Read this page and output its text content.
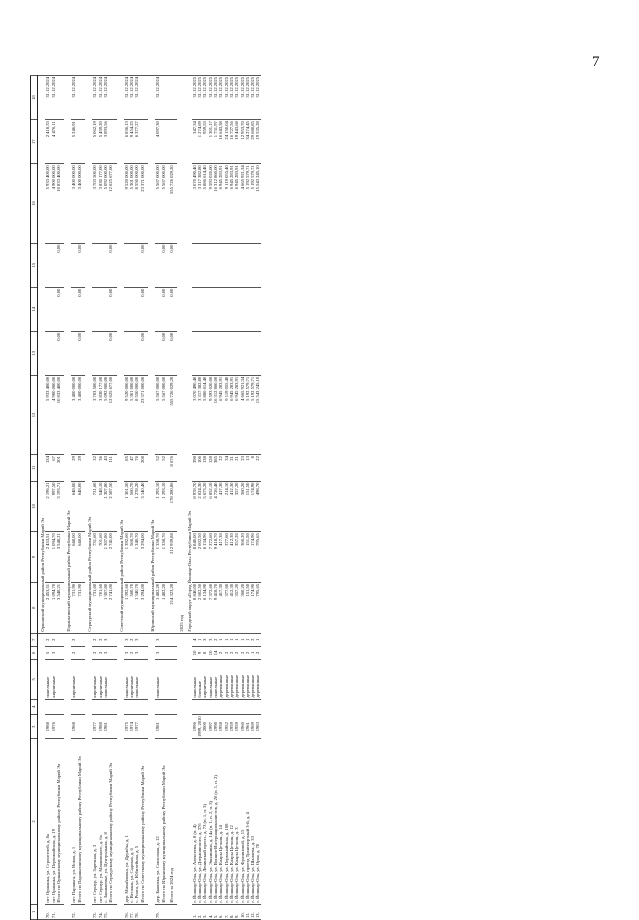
7
1	2	3	4	5	6	7	8	9	10	11	12	13	14	15	16	17	18
							Оршанский муниципальный район Республики Марий Эл										
70.	пгт Оршанка, ул. Строителей, д. 8а	1988		панельные	5	2	2 453,51	2 453,51	2 196,21	134	5 933 400,00				5 933 400,00	2 418,33	31.12.2024
71.	пгт Оршанка, ул. Первомайская, д. 19	1976		кирпичные	3	2	1 094,70	1 094,70	997,50	67	4 900 000,00				4 900 000,00	4 476,11	31.12.2024
	Итого по Оршанскому муниципальному району Республики Марий Эл						3 548,21	3 548,21	3 193,71	201	10 833 400,00	0,00	0,00	0,00	10 833 400,00		
							Параньгинский муниципальный район Республики Марий Эл										
72.	пгт Параньга, ул. Новая, д. 1	1968		кирпичные	2	2	731,90	648,00	648,00	29	3 400 000,00				3 400 000,00	5 246,91	31.12.2024
	Итого по Параньгинскому муниципальному району Республики Марий Эл						731,90	648,00	648,00	29	3 400 000,00	0,00	0,00	0,00	3 400 000,00		
							Сернурский муниципальный район Республики Марий Эл										
73.	пгт Сернур, ул. Заречная, д. 3	1977		кирпичные	2	2	731,60	731,60	731,60	32	3 703 500,00				3 703 500,00	5 062,19	31.12.2024
74.	пгт Сернур, ул. Маяковского, д. 6а	1988		кирпичные	2	2	701,60	701,60	548,10	36	3 830 177,00				3 830 177,00	5 459,20	31.12.2024
75.	с. Зашижемье, ул. Центральная, д. 8	1981		панельные	3	3	1 307,80	1 307,80	1 307,80	43	5 092 000,00				5 092 000,00	3 893,56	31.12.2024
	Итого по Сернурскому муниципальному району Республики Марий Эл						2 741,00	2 741,00	2 587,50	111	12 625 677,00	0,00	0,00	0,00	12 625 677,00		
							Советский муниципальный район Республики Марий Эл										
76.	дер. Михайловка, ул. Дружбы, д. 1	1975		панельные	3	3	1 392,60	1 392,60	1 301,50	85	9 520 000,00				9 520 000,00	6 836,13	31.12.2024
77.	с. Ветлань, ул. Садовая, д. 6	1974		кирпичные	2	2	560,70	560,70	560,70	47	5 301 000,00				5 301 000,00	9 454,25	31.12.2024
78.	с. Ронга, ул. Юбилейная, д. 5	1977		панельные	3	3	1 340,70	1 340,70	1 278,20	76	8 550 000,00				8 550 000,00	6 377,27	31.12.2024
	Итого по Советскому муниципальному району Республики Марий Эл						3 294,00	3 294,00	3 140,40	208	23 371 000,00	0,00	0,00	0,00	23 371 000,00		
							Юринский муниципальный район Республики Марий Эл										
79.	дер. Быковка, ул. Совхозная, д. 12	1981		панельные	3	3	1 482,20	1 358,70	1 293,10	52	5 567 000,00				5 567 000,00	4 097,30	31.12.2024
	Итого по Юринскому муниципальному району Республики Марий Эл						1 482,20	1 358,70	1 293,10	52	5 567 000,00	0,00	0,00	0,00	5 567 000,00		
	Итого за 2024 год						214 323,28	212 939,88	178 280,86	8 676	555 726 029,20	0,00	0,00	0,00	555 726 029,20		
							2025 год										
							Городской округ «Город Йошкар-Ола» Республики Марий Эл										
1.	г. Йошкар-Ола, ул. Алексеева, д. 8 (п. 4)	1996		панельные	10	4	8 840,00	8 840,00	8 978,70	398	3 070 490,40				3 070 490,40	347,34	31.12.2025
2.	г. Йошкар-Ола, ул. Дзержинского, д. 37б	1999, 2010		блочные	9	1	2 602,50	2 602,50	2 024,30	106	3 317 382,80				3 317 382,80	1 274,69	31.12.2025
3.	г. Йошкар-Ола, Ленинский просп., д. 73 (п. 1, п. 3)	2000		кирпичные	8	3	6 134,90	6 134,90	5 673,20	138	5 886 614,40				5 886 614,40	959,53	31.12.2025
4.	г. Йошкар-Ола, ул. Эшкинина, д. 14а (п. 1, п. 2, п. 3)	1997		панельные	10	3	7 372,60	7 372,60	6 852,10	128	9 593 020,00				9 593 020,00	1 301,17	31.12.2025
5.	г. Йошкар-Ола, ул. Воинов-Интернационалистов, д. 26 (п. 1, п. 2)	1998		панельные	14	2	9 418,70	9 418,70	4 726,40	385	16 312 860,00				16 312 860,00	1 731,97	31.12.2025
6.	г. Йошкар-Ола, ул. Клары Цеткин, д. 14	1958		деревянные	2	1	417,30	417,30	417,30	22	6 945 283,91				6 945 283,91	16 643,38	31.12.2025
7.	г. Йошкар-Ола, ул. Первомайская, д. 108	1952		деревянные	2	1	377,60	377,60	214,10	34	9 119 055,40				9 119 055,40	24 150,04	31.12.2025
8.	г. Йошкар-Ола, ул. Клары Цеткин, д. 12	1959		деревянные	2	1	412,30	412,30	412,30	21	6 945 283,91				6 945 283,91	16 727,56	31.12.2025
9.	г. Йошкар-Ола, ул. Клары Цеткин, д. 3	1959		деревянные	2	1	357,20	357,20	357,20	21	6 945 283,91				6 945 283,91	19 443,68	31.12.2025
10.	г. Йошкар-Ола, ул. Фрязиновой, д. 15	1960		деревянные	2	1	360,20	360,20	360,20	23	4 665 921,34				4 665 921,34	12 953,70	31.12.2025
11.	г. Йошкар-Ола, проезд Транспортный 3-й, д. 4	1961		деревянные	2	1	151,50	151,50	151,50	13	5 192 579,71				5 192 579,71	34 274,45	31.12.2025
12.	г. Йошкар-Ола, ул. Шкляева, д. 33	1969		деревянные	1	2	174,90	174,90	174,90	8	5 192 579,71				5 192 579,71	29 688,85	31.12.2025
13.	г. Йошкар-Ола, ул. Орая, д. 70	1983		деревянные	2	1	795,65	795,65	498,70	22	15 543 245,10				15 543 245,10	19 535,28	31.12.2025
